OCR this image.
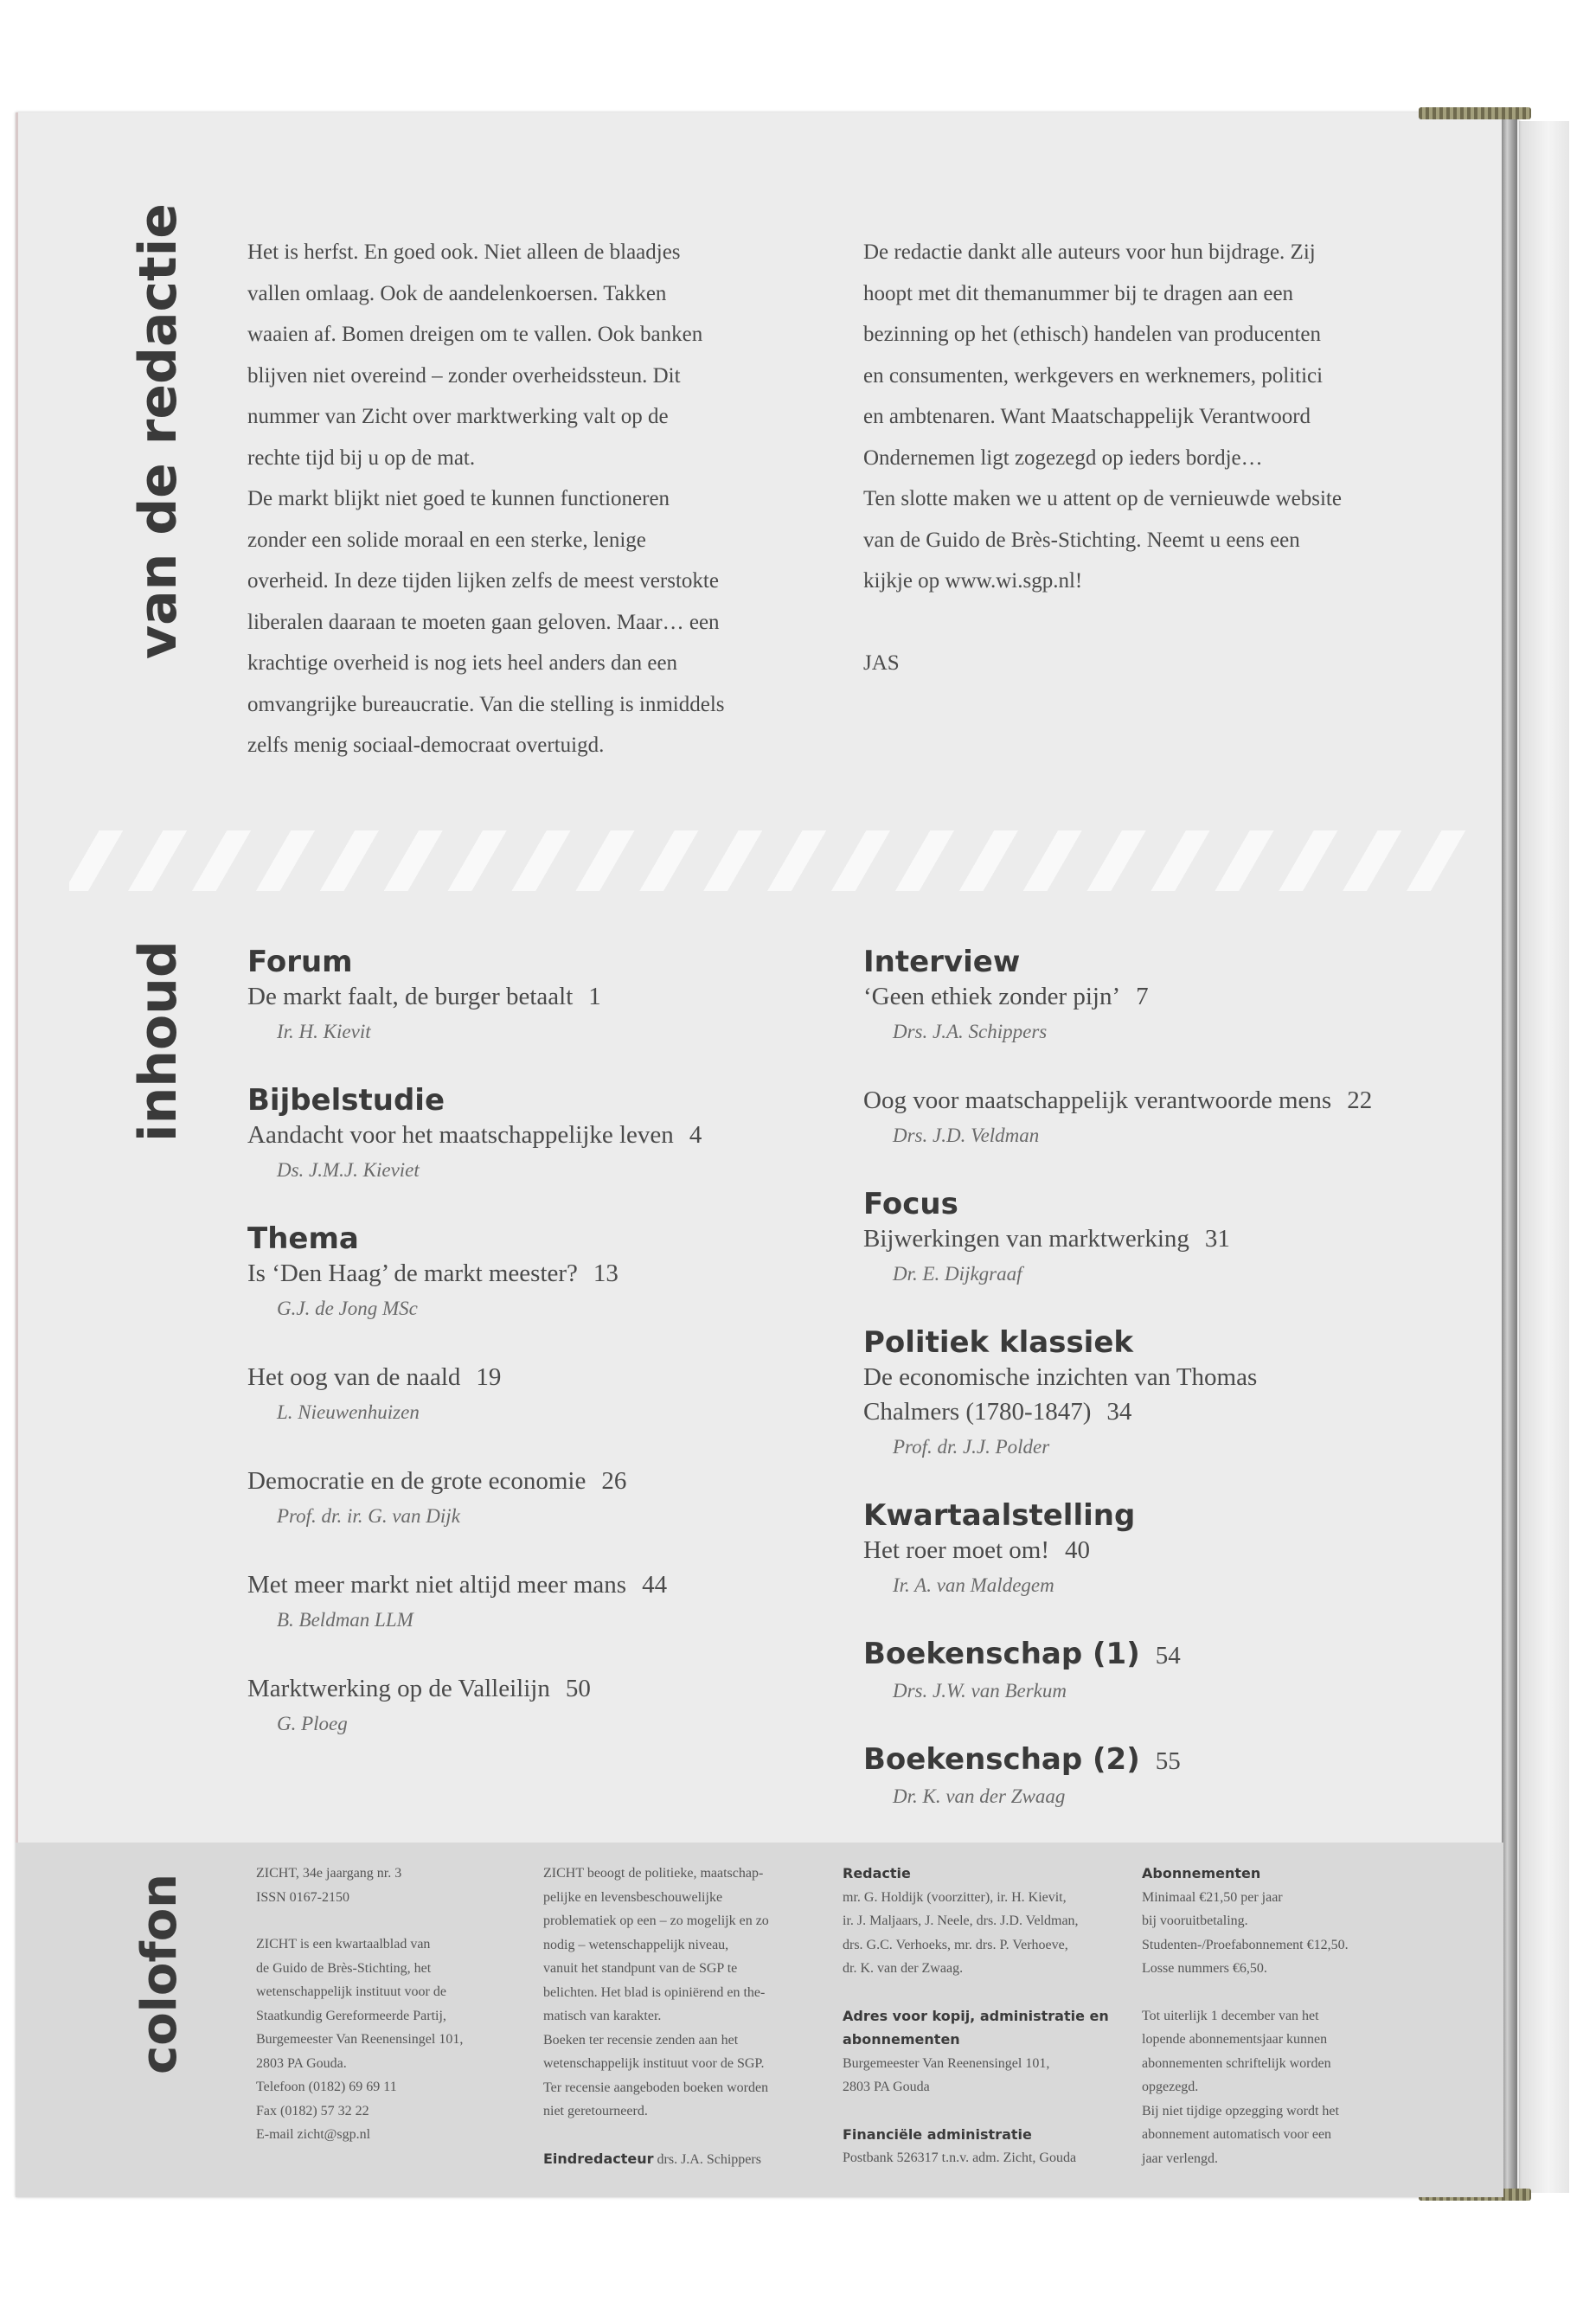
van de redactie	Het is herfst. En goed ook. Niet alleen de blaadjes

vallen omlaag. Ook de aandelenkoersen. Takken

waaien af. Bomen dreigen om te vallen. Ook banken

blijven niet overeind – zonder overheidssteun. Dit

nummer van Zicht over marktwerking valt op de

rechte tijd bij u op de mat.

De markt blijkt niet goed te kunnen functioneren

zonder een solide moraal en een sterke, lenige

overheid. In deze tijden lijken zelfs de meest verstokte

liberalen daaraan te moeten gaan geloven. Maar… een

krachtige overheid is nog iets heel anders dan een

omvangrijke bureaucratie. Van die stelling is inmiddels

zelfs menig sociaal-democraat overtuigd.

De redactie dankt alle auteurs voor hun bijdrage. Zij

hoopt met dit themanummer bij te dragen aan een

bezinning op het (ethisch) handelen van producenten

en consumenten, werkgevers en werknemers, politici

en ambtenaren. Want Maatschappelijk Verantwoord

Ondernemen ligt zogezegd op ieders bordje…

Ten slotte maken we u attent op de vernieuwde website

van de Guido de Brès-Stichting. Neemt u eens een

kijkje op www.wi.sgp.nl!

JAS

inhoud Forum
De markt faalt, de burger betaalt 1
Ir. H. Kievit
Bijbelstudie
Aandacht voor het maatschappelijke leven 4
Ds. J.M.J. Kieviet
Thema
Is ‘Den Haag’ de markt meester? 13
G.J. de Jong MSc
Het oog van de naald 19
L. Nieuwenhuizen
Democratie en de grote economie 26
Prof. dr. ir. G. van Dijk
Met meer markt niet altijd meer mans 44
B. Beldman LLM
Marktwerking op de Valleilijn 50
G. Ploeg
Interview
‘Geen ethiek zonder pijn’ 7
Drs. J.A. Schippers
Oog voor maatschappelijk verantwoorde mens 22
Drs. J.D. Veldman
Focus
Bijwerkingen van marktwerking 31
Dr. E. Dijkgraaf
Politiek klassiek
De economische inzichten van Thomas
Chalmers (1780-1847) 34
Prof. dr. J.J. Polder
Kwartaalstelling
Het roer moet om! 40
Ir. A. van Maldegem
Boekenschap (1) 54
Drs. J.W. van Berkum
Boekenschap (2) 55
Dr. K. van der Zwaag
colofon

ZICHT, 34e jaargang nr. 3

ISSN 0167-2150

ZICHT is een kwartaalblad van

de Guido de Brès-Stichting, het

wetenschappelijk instituut voor de

Staatkundig Gereformeerde Partij,

Burgemeester Van Reenensingel 101,

2803 PA Gouda.

Telefoon (0182) 69 69 11

Fax (0182) 57 32 22

E-mail zicht@sgp.nl

ZICHT beoogt de politieke, maatschap-

pelijke en levensbeschouwelijke

problematiek op een – zo mogelijk en zo

nodig – wetenschappelijk niveau,

vanuit het standpunt van de SGP te

belichten. Het blad is opiniërend en the-

matisch van karakter.

Boeken ter recensie zenden aan het

wetenschappelijk instituut voor de SGP.

Ter recensie aangeboden boeken worden

niet geretourneerd.

Eindredacteur drs. J.A. Schippers

Redactie

mr. G. Holdijk (voorzitter), ir. H. Kievit,

ir. J. Maljaars, J. Neele, drs. J.D. Veldman,

drs. G.C. Verhoeks, mr. drs. P. Verhoeve,

dr. K. van der Zwaag.

Adres voor kopij, administratie en

abonnementen

Burgemeester Van Reenensingel 101,

2803 PA Gouda

Financiële administratie

Postbank 526317 t.n.v. adm. Zicht, Gouda

Abonnementen

Minimaal €21,50 per jaar

bij vooruitbetaling.

Studenten-/Proefabonnement €12,50.

Losse nummers €6,50.

Tot uiterlijk 1 december van het

lopende abonnementsjaar kunnen

abonnementen schriftelijk worden

opgezegd.

Bij niet tijdige opzegging wordt het

abonnement automatisch voor een

jaar verlengd.
